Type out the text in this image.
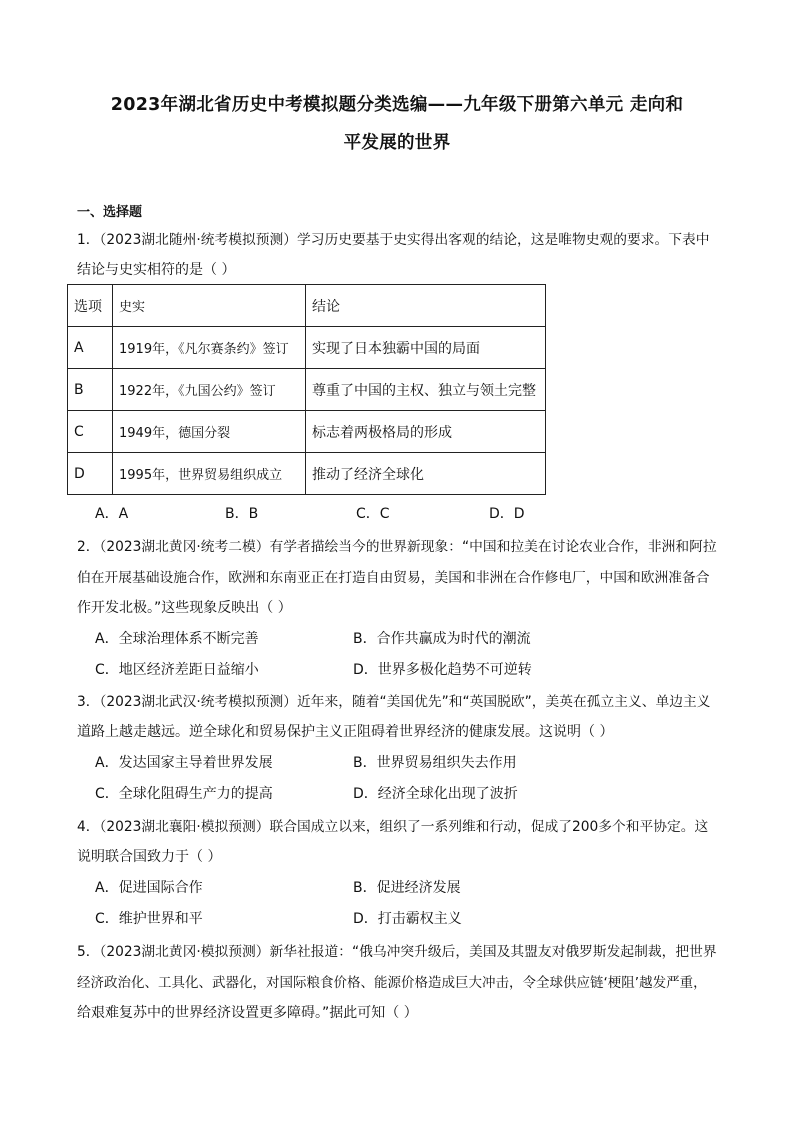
2023年湖北省历史中考模拟题分类选编——九年级下册第六单元 走向和
平发展的世界
一、选择题
1．（2023湖北随州·统考模拟预测）学习历史要基于史实得出客观的结论，这是唯物史观的要求。下表中
结论与史实相符的是（ ）
选项	史实	结论
A	1919年，《凡尔赛条约》签订	实现了日本独霸中国的局面
B	1922年，《九国公约》签订	尊重了中国的主权、独立与领土完整
C	1949年，德国分裂	标志着两极格局的形成
D	1995年，世界贸易组织成立	推动了经济全球化
A．A	B．B	C．C	D．D
2．（2023湖北黄冈·统考二模）有学者描绘当今的世界新现象：“中国和拉美在讨论农业合作，非洲和阿拉
伯在开展基础设施合作，欧洲和东南亚正在打造自由贸易，美国和非洲在合作修电厂，中国和欧洲准备合
作开发北极。”这些现象反映出（ ）
A．全球治理体系不断完善	B．合作共赢成为时代的潮流
C．地区经济差距日益缩小	D．世界多极化趋势不可逆转
3．（2023湖北武汉·统考模拟预测）近年来，随着“美国优先”和“英国脱欧”，美英在孤立主义、单边主义
道路上越走越远。逆全球化和贸易保护主义正阻碍着世界经济的健康发展。这说明（ ）
A．发达国家主导着世界发展	B．世界贸易组织失去作用
C．全球化阻碍生产力的提高	D．经济全球化出现了波折
4．（2023湖北襄阳·模拟预测）联合国成立以来，组织了一系列维和行动，促成了200多个和平协定。这
说明联合国致力于（ ）
A．促进国际合作	B．促进经济发展
C．维护世界和平	D．打击霸权主义
5．（2023湖北黄冈·模拟预测）新华社报道：“俄乌冲突升级后，美国及其盟友对俄罗斯发起制裁，把世界
经济政治化、工具化、武器化，对国际粮食价格、能源价格造成巨大冲击，令全球供应链‘梗阻’越发严重，
给艰难复苏中的世界经济设置更多障碍。”据此可知（ ）
